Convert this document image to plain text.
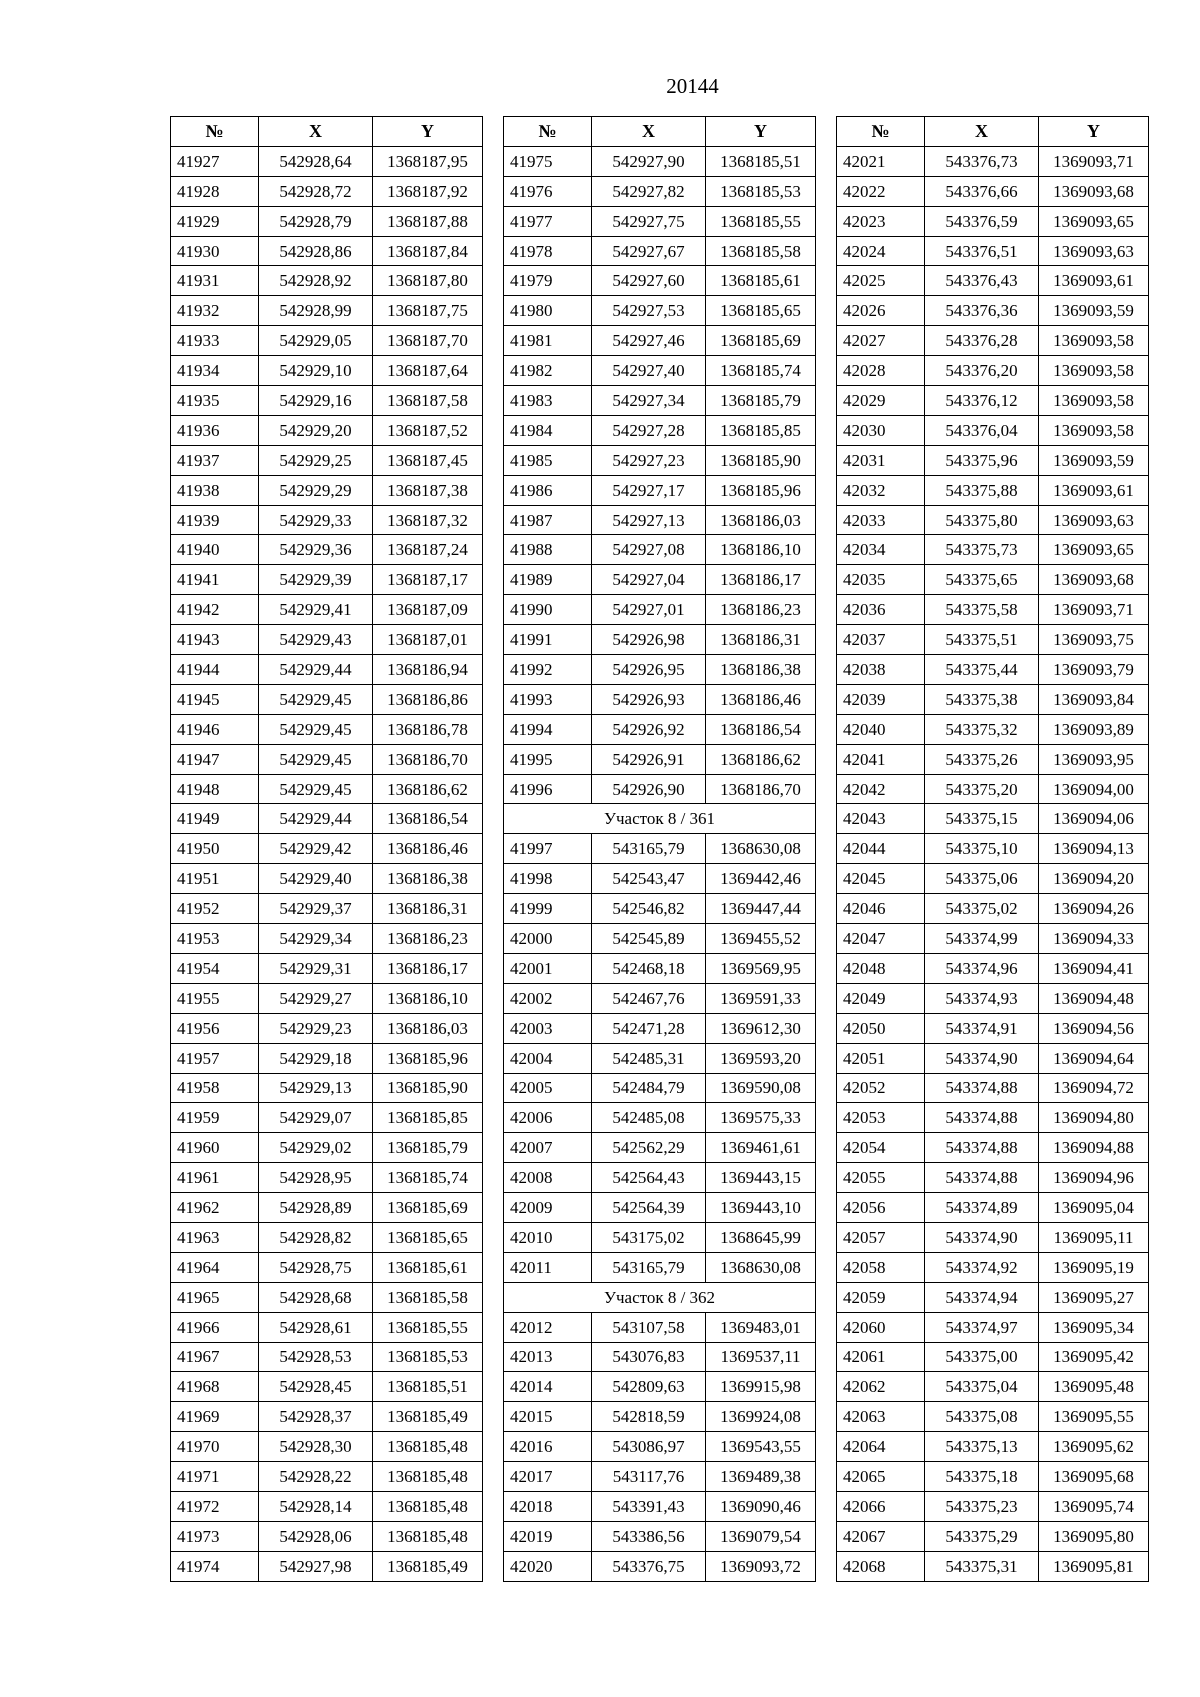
20144
№	X	Y
41927	542928,64	1368187,95
41928	542928,72	1368187,92
41929	542928,79	1368187,88
41930	542928,86	1368187,84
41931	542928,92	1368187,80
41932	542928,99	1368187,75
41933	542929,05	1368187,70
41934	542929,10	1368187,64
41935	542929,16	1368187,58
41936	542929,20	1368187,52
41937	542929,25	1368187,45
41938	542929,29	1368187,38
41939	542929,33	1368187,32
41940	542929,36	1368187,24
41941	542929,39	1368187,17
41942	542929,41	1368187,09
41943	542929,43	1368187,01
41944	542929,44	1368186,94
41945	542929,45	1368186,86
41946	542929,45	1368186,78
41947	542929,45	1368186,70
41948	542929,45	1368186,62
41949	542929,44	1368186,54
41950	542929,42	1368186,46
41951	542929,40	1368186,38
41952	542929,37	1368186,31
41953	542929,34	1368186,23
41954	542929,31	1368186,17
41955	542929,27	1368186,10
41956	542929,23	1368186,03
41957	542929,18	1368185,96
41958	542929,13	1368185,90
41959	542929,07	1368185,85
41960	542929,02	1368185,79
41961	542928,95	1368185,74
41962	542928,89	1368185,69
41963	542928,82	1368185,65
41964	542928,75	1368185,61
41965	542928,68	1368185,58
41966	542928,61	1368185,55
41967	542928,53	1368185,53
41968	542928,45	1368185,51
41969	542928,37	1368185,49
41970	542928,30	1368185,48
41971	542928,22	1368185,48
41972	542928,14	1368185,48
41973	542928,06	1368185,48
41974	542927,98	1368185,49
№	X	Y
41975	542927,90	1368185,51
41976	542927,82	1368185,53
41977	542927,75	1368185,55
41978	542927,67	1368185,58
41979	542927,60	1368185,61
41980	542927,53	1368185,65
41981	542927,46	1368185,69
41982	542927,40	1368185,74
41983	542927,34	1368185,79
41984	542927,28	1368185,85
41985	542927,23	1368185,90
41986	542927,17	1368185,96
41987	542927,13	1368186,03
41988	542927,08	1368186,10
41989	542927,04	1368186,17
41990	542927,01	1368186,23
41991	542926,98	1368186,31
41992	542926,95	1368186,38
41993	542926,93	1368186,46
41994	542926,92	1368186,54
41995	542926,91	1368186,62
41996	542926,90	1368186,70
Участок 8 / 361		
41997	543165,79	1368630,08
41998	542543,47	1369442,46
41999	542546,82	1369447,44
42000	542545,89	1369455,52
42001	542468,18	1369569,95
42002	542467,76	1369591,33
42003	542471,28	1369612,30
42004	542485,31	1369593,20
42005	542484,79	1369590,08
42006	542485,08	1369575,33
42007	542562,29	1369461,61
42008	542564,43	1369443,15
42009	542564,39	1369443,10
42010	543175,02	1368645,99
42011	543165,79	1368630,08
Участок 8 / 362		
42012	543107,58	1369483,01
42013	543076,83	1369537,11
42014	542809,63	1369915,98
42015	542818,59	1369924,08
42016	543086,97	1369543,55
42017	543117,76	1369489,38
42018	543391,43	1369090,46
42019	543386,56	1369079,54
42020	543376,75	1369093,72
№	X	Y
42021	543376,73	1369093,71
42022	543376,66	1369093,68
42023	543376,59	1369093,65
42024	543376,51	1369093,63
42025	543376,43	1369093,61
42026	543376,36	1369093,59
42027	543376,28	1369093,58
42028	543376,20	1369093,58
42029	543376,12	1369093,58
42030	543376,04	1369093,58
42031	543375,96	1369093,59
42032	543375,88	1369093,61
42033	543375,80	1369093,63
42034	543375,73	1369093,65
42035	543375,65	1369093,68
42036	543375,58	1369093,71
42037	543375,51	1369093,75
42038	543375,44	1369093,79
42039	543375,38	1369093,84
42040	543375,32	1369093,89
42041	543375,26	1369093,95
42042	543375,20	1369094,00
42043	543375,15	1369094,06
42044	543375,10	1369094,13
42045	543375,06	1369094,20
42046	543375,02	1369094,26
42047	543374,99	1369094,33
42048	543374,96	1369094,41
42049	543374,93	1369094,48
42050	543374,91	1369094,56
42051	543374,90	1369094,64
42052	543374,88	1369094,72
42053	543374,88	1369094,80
42054	543374,88	1369094,88
42055	543374,88	1369094,96
42056	543374,89	1369095,04
42057	543374,90	1369095,11
42058	543374,92	1369095,19
42059	543374,94	1369095,27
42060	543374,97	1369095,34
42061	543375,00	1369095,42
42062	543375,04	1369095,48
42063	543375,08	1369095,55
42064	543375,13	1369095,62
42065	543375,18	1369095,68
42066	543375,23	1369095,74
42067	543375,29	1369095,80
42068	543375,31	1369095,81
